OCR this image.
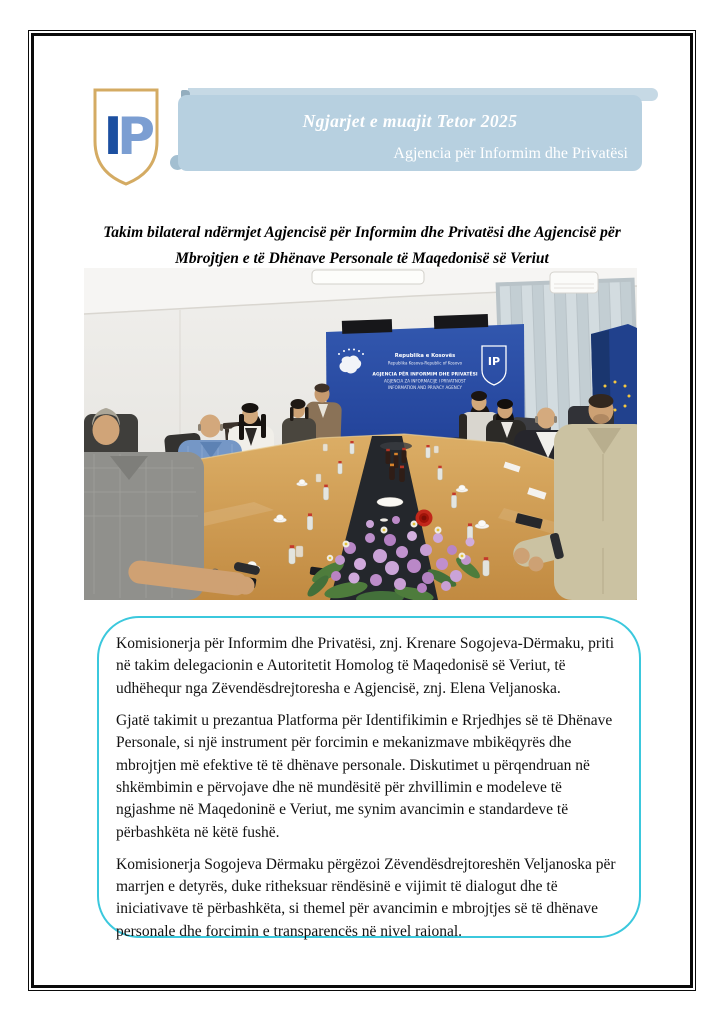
I
P	Ngjarjet e muajit Tetor 2025
Agjencia për Informim dhe Privatësi
Takim bilateral ndërmjet Agjencisë për Informim dhe Privatësi dhe Agjencisë për
Mbrojtjen e të Dhënave Personale të Maqedonisë së Veriut
Republika e Kosovës
Republika Kosova-Republic of Kosovo
AGJENCIA PËR INFORMIM DHE PRIVATËSI
AGJENCIA ZA INFORMACIJE I PRIVATNOST
INFORMATION AND PRIVACY AGENCY
IP

Komisionerja për Informim dhe Privatësi, znj. Krenare Sogojeva-Dërmaku, priti në takim delegacionin e Autoritetit Homolog të Maqedonisë së Veriut, të udhëhequr nga Zëvendësdrejtoresha e Agjencisë, znj. Elena Veljanoska.

Gjatë takimit u prezantua Platforma për Identifikimin e Rrjedhjes së të Dhënave Personale, si një instrument për forcimin e mekanizmave mbikëqyrës dhe mbrojtjen më efektive të të dhënave personale. Diskutimet u përqendruan në shkëmbimin e përvojave dhe në mundësitë për zhvillimin e modeleve të ngjashme në Maqedoninë e Veriut, me synim avancimin e standardeve të përbashkëta në këtë fushë.

Komisionerja Sogojeva Dërmaku përgëzoi Zëvendësdrejtoreshën Veljanoska për marrjen e detyrës, duke ritheksuar rëndësinë e vijimit të dialogut dhe të iniciativave të përbashkëta, si themel për avancimin e mbrojtjes së të dhënave personale dhe forcimin e transparencës në nivel raional.
